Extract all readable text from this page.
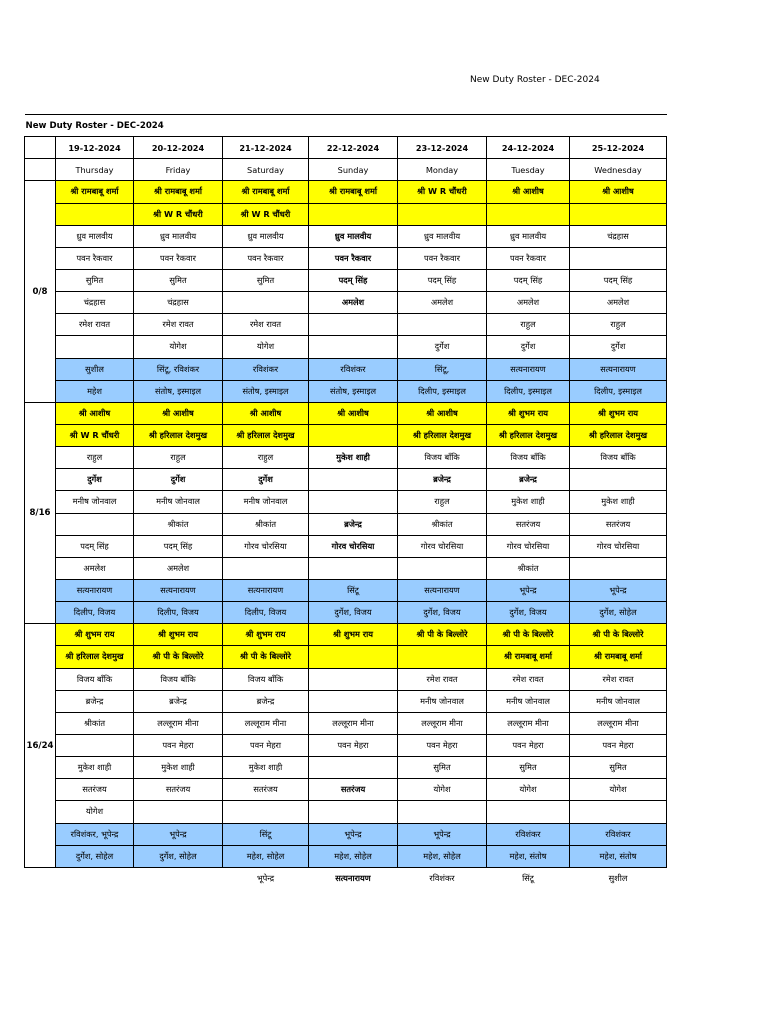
New Duty Roster - DEC-2024
New Duty Roster - DEC-2024							
	19-12-2024	20-12-2024	21-12-2024	22-12-2024	23-12-2024	24-12-2024	25-12-2024
	Thursday	Friday	Saturday	Sunday	Monday	Tuesday	Wednesday
0/8	श्री रामबाबू शर्मा	श्री रामबाबू शर्मा	श्री रामबाबू शर्मा	श्री रामबाबू शर्मा	श्री W R चौंधरी	श्री आशीष	श्री आशीष
		श्री W R चौंधरी	श्री W R चौंधरी				
	ध्रुव मालवीय	ध्रुव मालवीय	ध्रुव मालवीय	ध्रुव मालवीय	ध्रुव मालवीय	ध्रुव मालवीय	चंद्रहास
	पवन रैकवार	पवन रैकवार	पवन रैकवार	पवन रैकवार	पवन रैकवार	पवन रैकवार	
	सुमित	सुमित	सुमित	पदम् सिंह	पदम् सिंह	पदम् सिंह	पदम् सिंह
	चंद्रहास	चंद्रहास		अमलेश	अमलेश	अमलेश	अमलेश
	रमेश रावत	रमेश रावत	रमेश रावत			राहुल	राहुल
		योगेश	योगेश		दुर्गेश	दुर्गेश	दुर्गेश
	सुशील	सिंटू, रविशंकर	रविशंकर	रविशंकर	सिंटू,	सत्यनारायण	सत्यनारायण
	महेश	संतोष, इस्माइल	संतोष, इस्माइल	संतोष, इस्माइल	दिलीप, इस्माइल	दिलीप, इस्माइल	दिलीप, इस्माइल
8/16	श्री आशीष	श्री आशीष	श्री आशीष	श्री आशीष	श्री आशीष	श्री शुभम राय	श्री शुभम राय
	श्री W R चौंधरी	श्री हरिलाल देशमुख	श्री हरिलाल देशमुख		श्री हरिलाल देशमुख	श्री हरिलाल देशमुख	श्री हरिलाल देशमुख
	राहुल	राहुल	राहुल	मुकेश शाही	विजय बॉंकि	विजय बॉंकि	विजय बॉंकि
	दुर्गेश	दुर्गेश	दुर्गेश		ब्रजेन्द्र	ब्रजेन्द्र	
	मनीष जोनवाल	मनीष जोनवाल	मनीष जोनवाल		राहुल	मुकेश शाही	मुकेश शाही
		श्रीकांत	श्रीकांत	ब्रजेन्द्र	श्रीकांत	सतरंजय	सतरंजय
	पदम् सिंह	पदम् सिंह	गोरव चोरसिया	गोरव चोरसिया	गोरव चोरसिया	गोरव चोरसिया	गोरव चोरसिया
	अमलेश	अमलेश				श्रीकांत	
	सत्यनारायण	सत्यनारायण	सत्यनारायण	सिंटू	सत्यनारायण	भूपेन्द्र	भूपेन्द्र
	दिलीप, विजय	दिलीप, विजय	दिलीप, विजय	दुर्गेश, विजय	दुर्गेश, विजय	दुर्गेश, विजय	दुर्गेश, सोहेल
16/24	श्री शुभम राय	श्री शुभम राय	श्री शुभम राय	श्री शुभम राय	श्री पी के बिल्लोरे	श्री पी के बिल्लोरे	श्री पी के बिल्लोरे
	श्री हरिलाल देशमुख	श्री पी के बिल्लोरे	श्री पी के बिल्लोरे			श्री रामबाबू शर्मा	श्री रामबाबू शर्मा
	विजय बॉंकि	विजय बॉंकि	विजय बॉंकि		रमेश रावत	रमेश रावत	रमेश रावत
	ब्रजेन्द्र	ब्रजेन्द्र	ब्रजेन्द्र		मनीष जोनवाल	मनीष जोनवाल	मनीष जोनवाल
	श्रीकांत	लल्लूराम मीना	लल्लूराम मीना	लल्लूराम मीना	लल्लूराम मीना	लल्लूराम मीना	लल्लूराम मीना
		पवन मेहरा	पवन मेहरा	पवन मेहरा	पवन मेहरा	पवन मेहरा	पवन मेहरा
	मुकेश शाही	मुकेश शाही	मुकेश शाही		सुमित	सुमित	सुमित
	सतरंजय	सतरंजय	सतरंजय	सतरंजय	योगेश	योगेश	योगेश
	योगेश						
	रविशंकर, भूपेन्द्र	भूपेन्द्र	सिंटू	भूपेन्द्र	भूपेन्द्र	रविशंकर	रविशंकर
	दुर्गेश, सोहेल	दुर्गेश, सोहेल	महेश, सोहेल	महेश, सोहेल	महेश, सोहेल	महेश, संतोष	महेश, संतोष
			भूपेन्द्र	सत्यनारायण	रविशंकर	सिंटू	सुशील
